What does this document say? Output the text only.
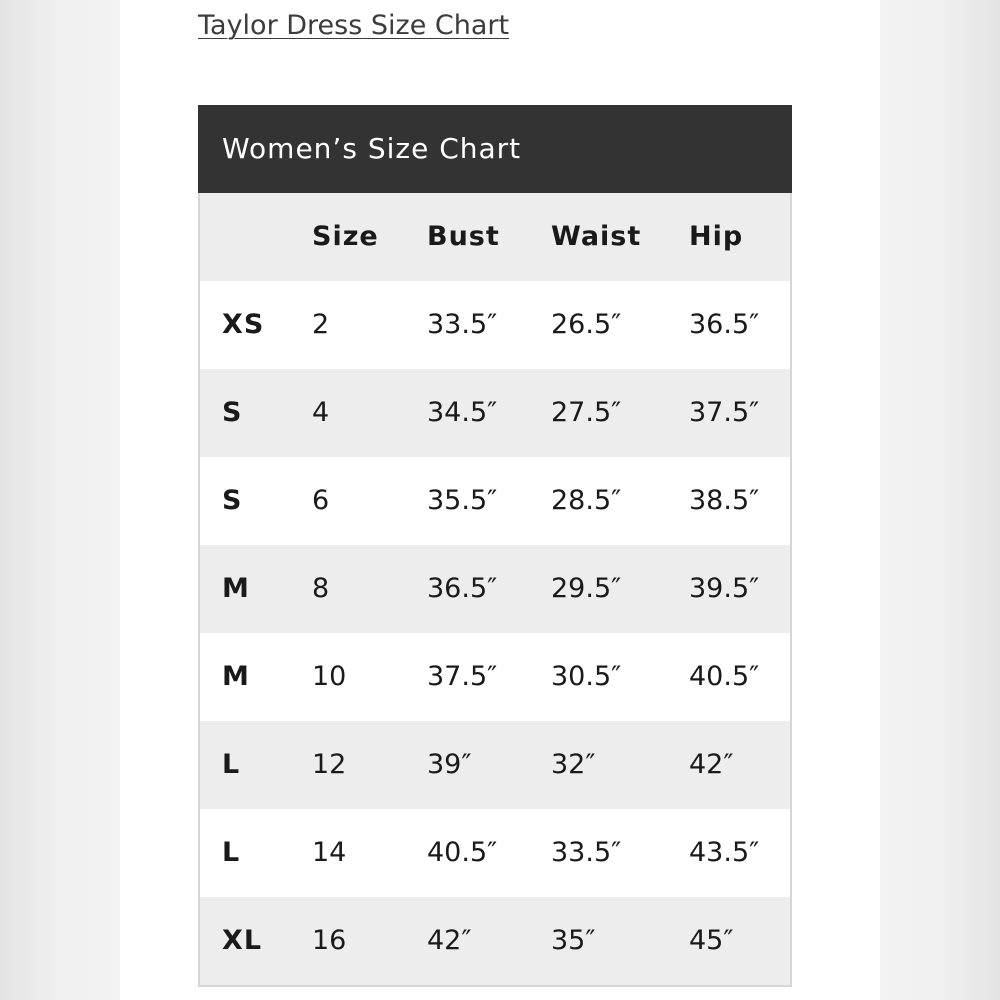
Taylor Dress Size Chart
Women’s Size Chart
Size Bust Waist Hip
XS 2	33.5″ 26.5″	36.5″
S	4	34.5″ 27.5″	37.5″
S	6	35.5″ 28.5″	38.5″
M 8	36.5″ 29.5″	39.5″
M 10	37.5″ 30.5″	40.5″
L	12	39″	32″	42″
L	14	40.5″ 33.5″	43.5″
XL 16	42″	35″	45″
